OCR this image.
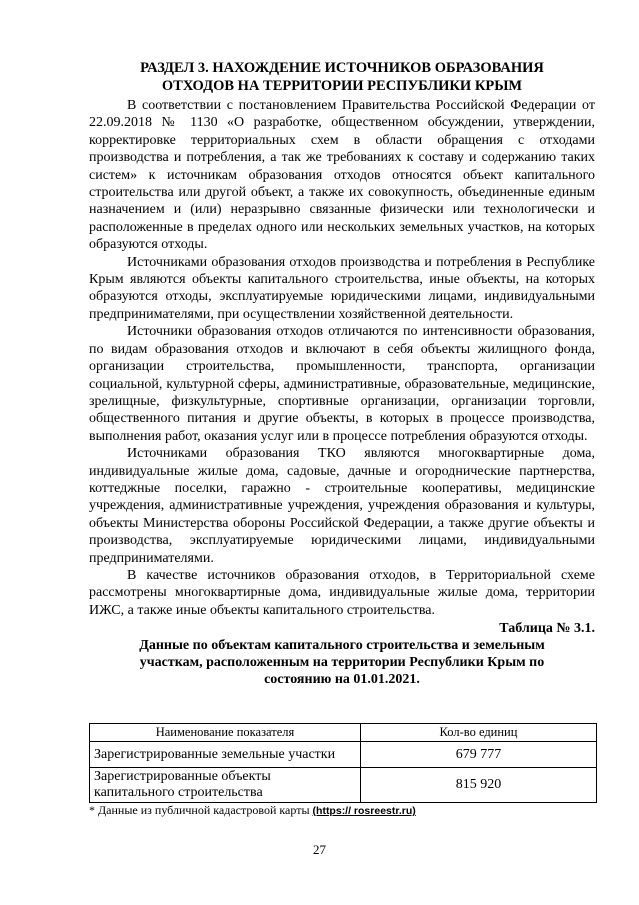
РАЗДЕЛ 3. НАХОЖДЕНИЕ ИСТОЧНИКОВ ОБРАЗОВАНИЯ

ОТХОДОВ НА ТЕРРИТОРИИ РЕСПУБЛИКИ КРЫМ

В соответствии с постановлением Правительства Российской Федерации от 22.09.2018 № 1130 «О разработке, общественном обсуждении, утверждении, корректировке территориальных схем в области обращения с отходами производства и потребления, а так же требованиях к составу и содержанию таких систем» к источникам образования отходов относятся объект капитального строительства или другой объект, а также их совокупность, объединенные единым назначением и (или) неразрывно связанные физически или технологически и расположенные в пределах одного или нескольких земельных участков, на которых образуются отходы.

Источниками образования отходов производства и потребления в Республике Крым являются объекты капитального строительства, иные объекты, на которых образуются отходы, эксплуатируемые юридическими лицами, индивидуальными предпринимателями, при осуществлении хозяйственной деятельности.

Источники образования отходов отличаются по интенсивности образования, по видам образования отходов и включают в себя объекты жилищного фонда, организации строительства, промышленности, транспорта, организации социальной, культурной сферы, административные, образовательные, медицинские, зрелищные, физкультурные, спортивные организации, организации торговли, общественного питания и другие объекты, в которых в процессе производства, выполнения работ, оказания услуг или в процессе потребления образуются отходы.

Источниками образования ТКО являются многоквартирные дома, индивидуальные жилые дома, садовые, дачные и огороднические партнерства, коттеджные поселки, гаражно - строительные кооперативы, медицинские учреждения, административные учреждения, учреждения образования и культуры, объекты Министерства обороны Российской Федерации, а также другие объекты и производства, эксплуатируемые юридическими лицами, индивидуальными предпринимателями.

В качестве источников образования отходов, в Территориальной схеме рассмотрены многоквартирные дома, индивидуальные жилые дома, территории ИЖС, а также иные объекты капитального строительства.

Таблица № 3.1.

Данные по объектам капитального строительства и земельным участкам, расположенным на территории Республики Крым по состоянию на 01.01.2021.

Наименование показателя	Кол-во единиц
Зарегистрированные земельные участки	679 777
Зарегистрированные объекты
капитального строительства	815 920
* Данные из публичной кадастровой карты (https:// rosreestr.ru)
27
